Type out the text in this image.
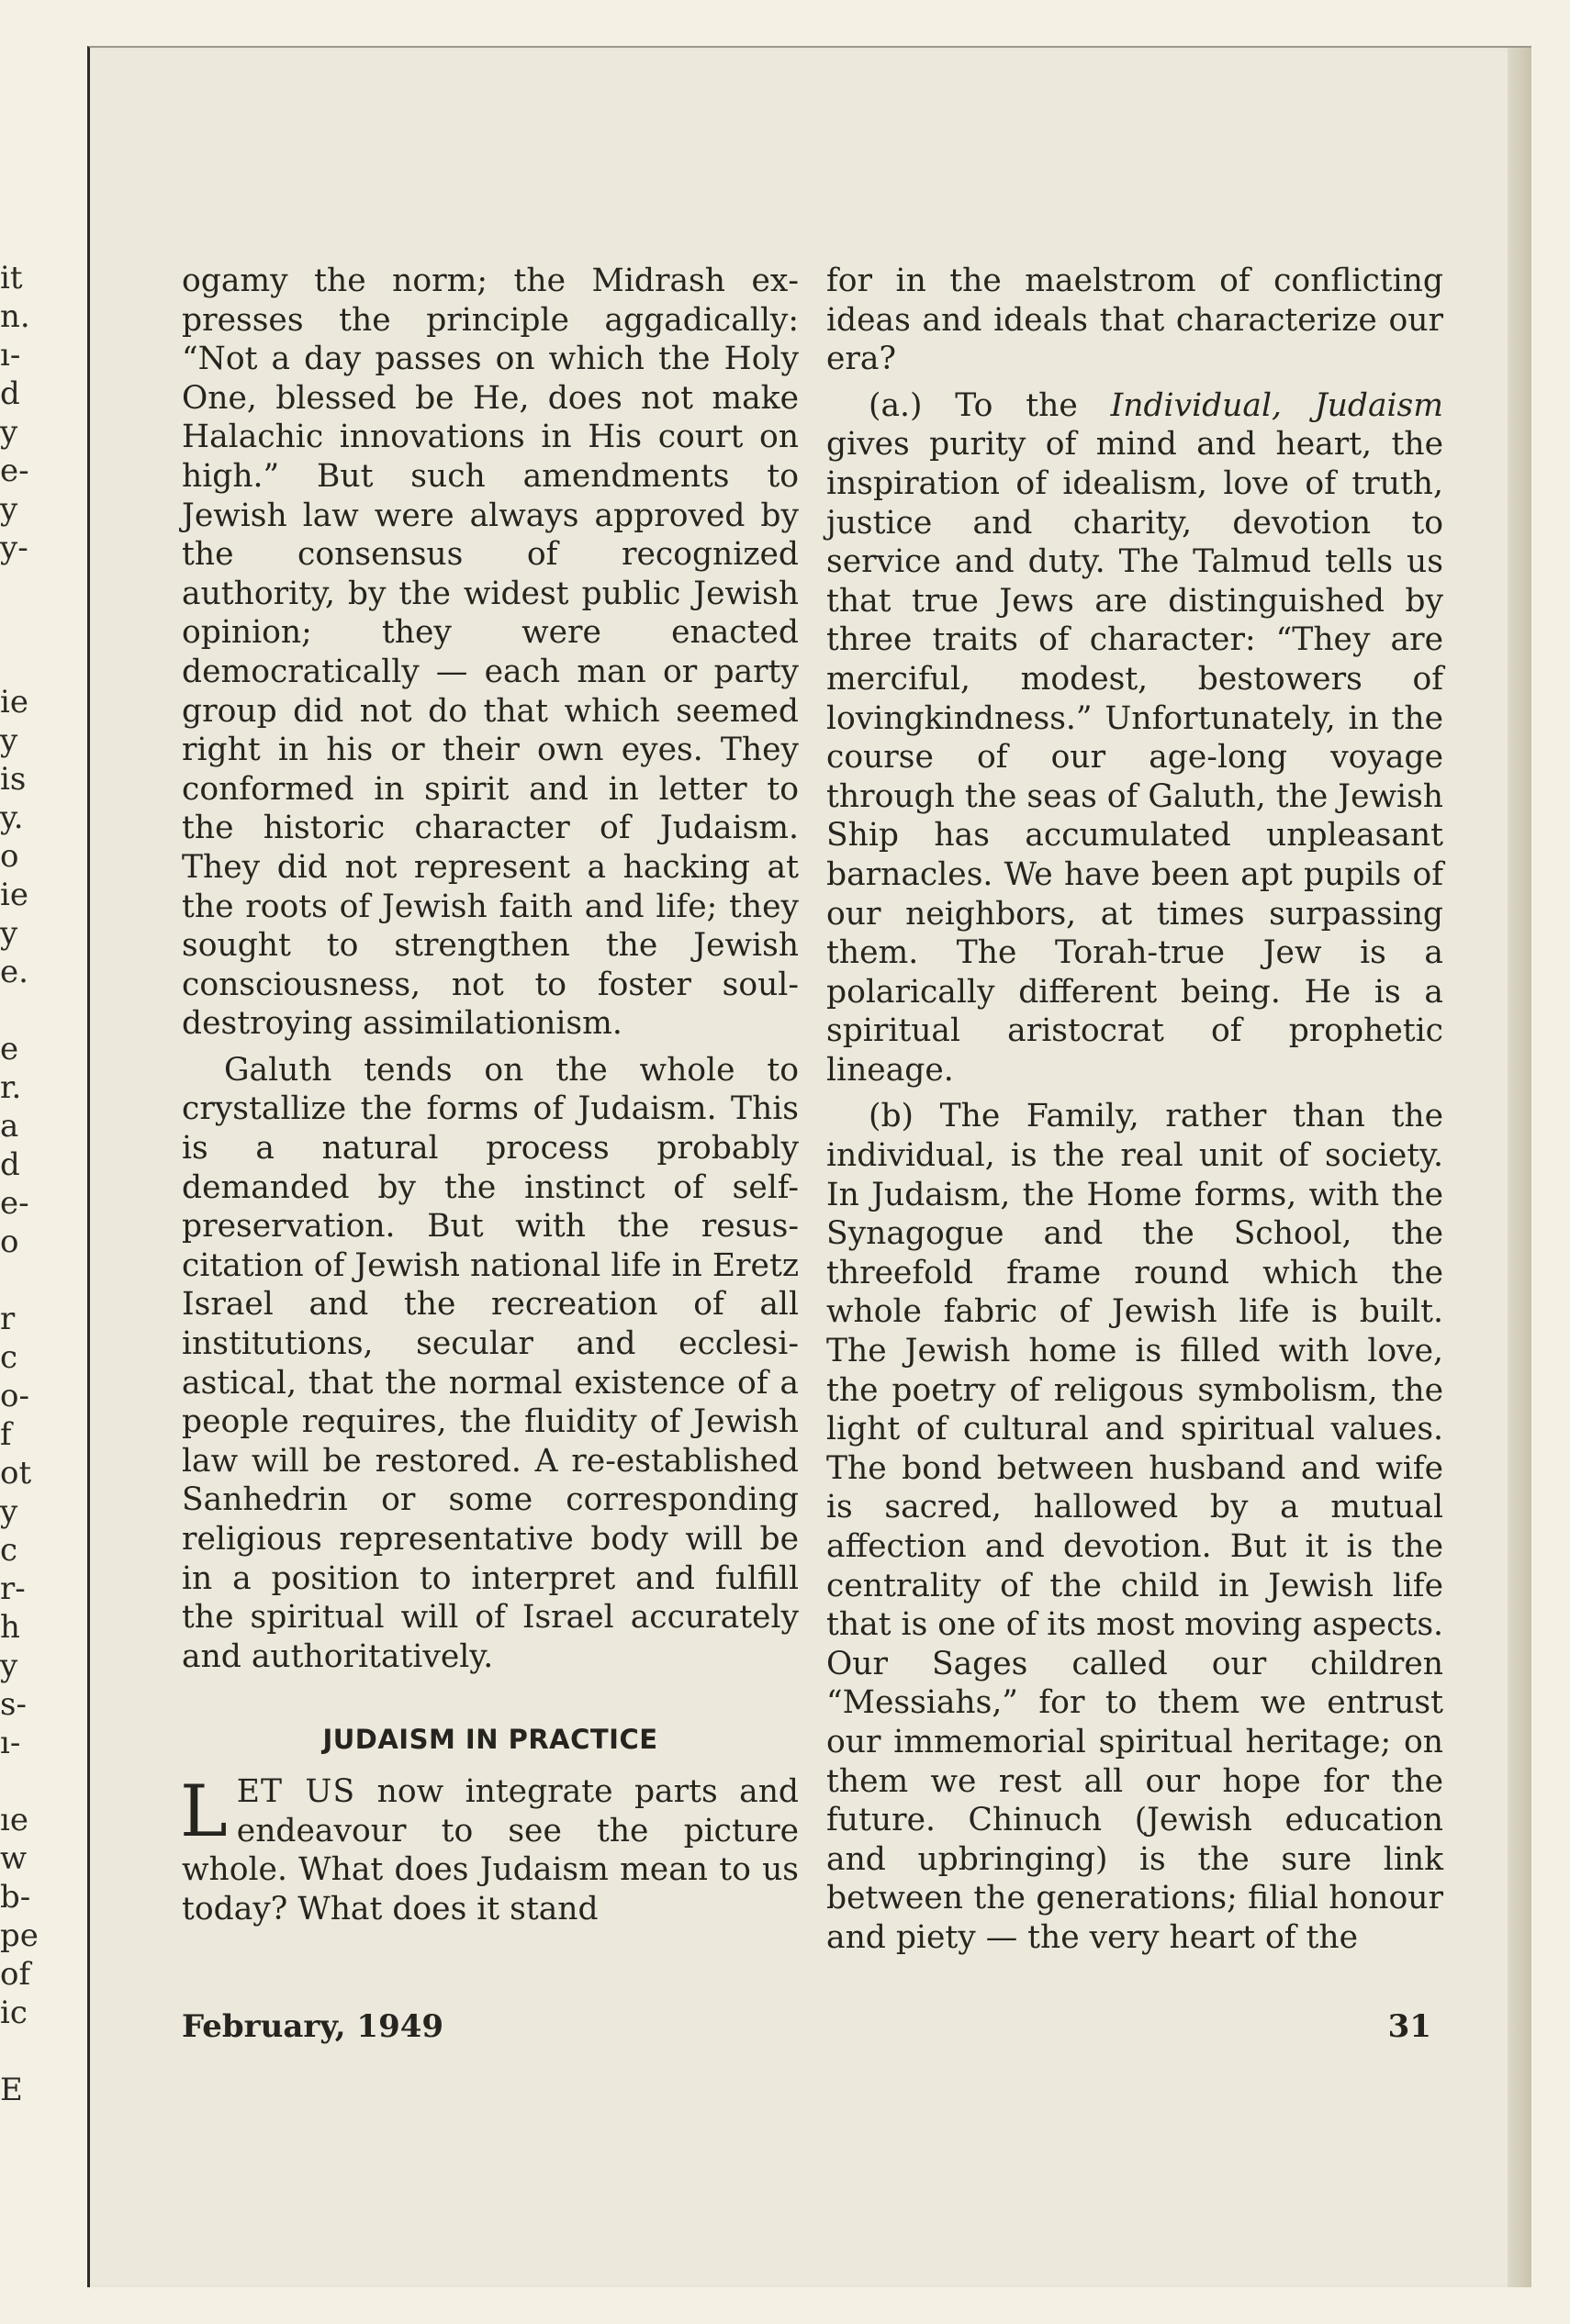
it
n.
ı-
d
y
e-
y
y-

ie
y
is
y.
o
ie
y
e.

e
r.
a
d
e-
o

r
c
o-
f
ot
y
c
r-
h
y
s-
ı-

ıe
w
b-
pe
of
ic

E

ogamy the norm; the Midrash expresses the principle aggadically: “Not a day passes on which the Holy One, blessed be He, does not make Halachic innovations in His court on high.” But such amendments to Jewish law were always approved by the consensus of recognized authority, by the widest public Jewish opinion; they were enacted democratically — each man or party group did not do that which seemed right in his or their own eyes. They conformed in spirit and in letter to the historic character of Judaism. They did not represent a hacking at the roots of Jewish faith and life; they sought to strengthen the Jewish consciousness, not to foster soul-destroying assimilationism.

Galuth tends on the whole to crystallize the forms of Judaism. This is a natural process probably demanded by the instinct of self-preservation. But with the resuscitation of Jewish national life in Eretz Israel and the recreation of all institutions, secular and ecclesiastical, that the normal existence of a people requires, the fluidity of Jewish law will be restored. A re-established Sanhedrin or some corresponding religious representative body will be in a position to interpret and fulfill the spiritual will of Israel accurately and authoritatively.

JUDAISM IN PRACTICE

LET US now integrate parts and endeavour to see the picture whole. What does Judaism mean to us today? What does it stand

for in the maelstrom of conflicting ideas and ideals that characterize our era?

(a.) To the Individual, Judaism gives purity of mind and heart, the inspiration of idealism, love of truth, justice and charity, devotion to service and duty. The Talmud tells us that true Jews are distinguished by three traits of character: “They are merciful, modest, bestowers of lovingkindness.” Unfortunately, in the course of our age-long voyage through the seas of Galuth, the Jewish Ship has accumulated unpleasant barnacles. We have been apt pupils of our neighbors, at times surpassing them. The Torah-true Jew is a polarically different being. He is a spiritual aristocrat of prophetic lineage.

(b) The Family, rather than the individual, is the real unit of society. In Judaism, the Home forms, with the Synagogue and the School, the threefold frame round which the whole fabric of Jewish life is built. The Jewish home is filled with love, the poetry of religous symbolism, the light of cultural and spiritual values. The bond between husband and wife is sacred, hallowed by a mutual affection and devotion. But it is the centrality of the child in Jewish life that is one of its most moving aspects. Our Sages called our children “Messiahs,” for to them we entrust our immemorial spiritual heritage; on them we rest all our hope for the future. Chinuch (Jewish education and upbringing) is the sure link between the generations; filial honour and piety — the very heart of the

February, 1949	31
